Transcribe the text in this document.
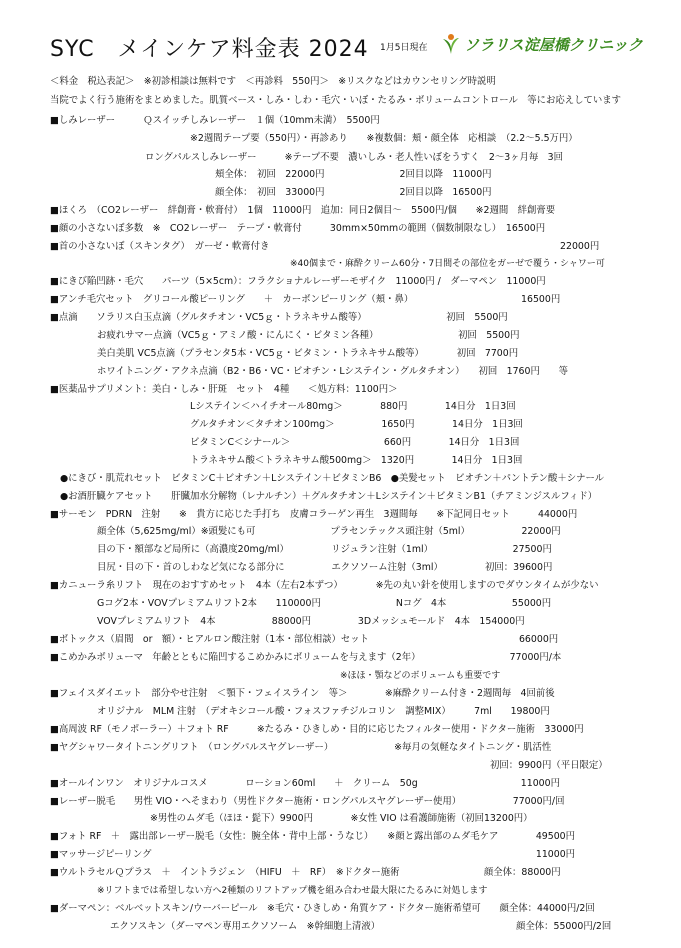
SYC　メインケア料金表 2024 1月5日現在 ソラリス淀屋橋クリニック
＜料金　税込表記＞　※初診相談は無料です　＜再診料　550円＞　※リスクなどはカウンセリング時説明
当院でよく行う施術をまとめました。肌質ベース・しみ・しわ・毛穴・いぼ・たるみ・ボリュームコントロール　等にお応えしています
■しみレーザー　　　Ｑスイッチしみレーザー　１個（10mm未満）　5500円
※2週間テープ要（550円）・再診あり　　※複数個：頬・顔全体　応相談　（2.2～5.5万円）
ロングパルスしみレーザー　　　※テープ不要　濃いしみ・老人性いぼをうすく　2～3ヶ月毎　3回
頬全体：　初回　22000円　　　　　　　　2回目以降　11000円
顔全体：　初回　33000円　　　　　　　　2回目以降　16500円
■ほくろ　（CO2レーザー　絆創膏・軟膏付）　1個　11000円　追加：同日2個目～　5500円/個　　※2週間　絆創膏要
■顔の小さないぼ多数　※　CO2レーザー　テープ・軟膏付　　　30mm×50mmの範囲（個数制限なし）　16500円
■首の小さないぼ（スキンタグ）　ガーゼ・軟膏付き　　　　　　　　　　　　　　　　　　　　　　　　　　　　　　　22000円
※40個まで・麻酔クリーム60分・7日間その部位をガーゼで覆う・シャワー可
■にきび陥凹跡・毛穴　　パーツ（5×5cm）：フラクショナルレーザーモザイク　11000円 /　ダーマペン　11000円
■アンチ毛穴セット　グリコール酸ピーリング　　＋　カーボンピーリング（頬・鼻）　　　　　　　　　　　　16500円
■点滴　　ソラリス白玉点滴（グルタチオン・VC5ｇ・トラネキサム酸等）　　　　　　　　　初回　5500円
お疲れサマー点滴（VC5ｇ・アミノ酸・にんにく・ビタミン各種）　　　　　　　　　初回　5500円
美白美肌 VC5点滴（プラセンタ5本・VC5ｇ・ビタミン・トラネキサム酸等）　　　　初回　7700円
ホワイトニング・アクネ点滴（B2・B6・VC・ビオチン・Lシステイン・グルタチオン）　　初回　1760円　　等
■医薬品サプリメント：美白・しみ・肝斑　セット　4種　　＜処方料：1100円＞
Lシステイン＜ハイチオール80mg＞　　　　880円　　　　14日分　1日3回
グルタチオン＜タチオン100mg＞　　　　　1650円　　　　14日分　1日3回
ビタミンC＜シナール＞　　　　　　　　　　660円　　　　14日分　1日3回
トラネキサム酸＜トラネキサム酸500mg＞　1320円　　　　14日分　1日3回
●にきび・肌荒れセット　ビタミンC＋ビオチン＋Lシステイン＋ビタミンB6　●美髪セット　ビオチン＋パントテン酸＋シナール
●お酒肝臓ケアセット　　肝臓加水分解物（レナルチン）＋グルタチオン＋Lシステイン＋ビタミンB1（チアミンジスルフィド）
■サーモン　PDRN　注射　　※　貴方に応じた手打ち　皮膚コラーゲン再生　3週間毎　　※下記同日セット　　　44000円
顔全体（5,625mg/ml）※頭髪にも可　　　　　　　　プラセンテックス頭注射（5ml）　　　　　　22000円
目の下・額部など局所に（高濃度20mg/ml）　　　　　リジュラン注射（1ml）　　　　　　　　　27500円
目尻・目の下・首のしわなど気になる部分に　　　　　エクソソーム注射（3ml）　　　　　初回：39600円
■カニューラ糸リフト　現在のおすすめセット　4本（左右2本ずつ）　　　　※先の丸い針を使用しますのでダウンタイムが少ない
Gコグ2本・VOVプレミアムリフト2本　　110000円　　　　　　　　Nコグ　4本　　　　　　　55000円
VOVプレミアムリフト　4本　　　　　　88000円　　　　　3Dメッシュモールド　4本　154000円
■ボトックス（眉間　or　額）・ヒアルロン酸注射（1本・部位相談）セット　　　　　　　　　　　　　　　　66000円
■こめかみボリューマ　年齢とともに陥凹するこめかみにボリュームを与えます（2年）　　　　　　　　　　77000円/本
※ほほ・顎などのボリュームも重要です
■フェイスダイエット　部分やせ注射　＜顎下・フェイスライン　等＞　　　　※麻酔クリーム付き・2週間毎　4回前後
オリジナル　MLM 注射　（デオキシコール酸・フォスファチジルコリン　調整MIX）　　　7ml　　19800円
■高周波 RF（モノポーラー）＋フォト RF　　　※たるみ・ひきしめ・目的に応じたフィルター使用・ドクター施術　33000円
■ヤグシャワータイトニングリフト　（ロングパルスヤグレーザー）　　　　　　　※毎月の気軽なタイトニング・肌活性
初回：9900円（平日限定）
■オールインワン　オリジナルコスメ　　　　ローション60ml　　＋　クリーム　50g　　　　　　　　　　　11000円
■レーザー脱毛　　男性 VIO・へそまわり（男性ドクター施術・ロングパルスヤグレーザー使用）　　　　　　77000円/回
※男性のムダ毛（ほほ・髭下）9900円　　　　※女性 VIO は看護師施術（初回13200円）
■フォト RF　＋　露出部レーザー脱毛（女性：腕全体・背中上部・うなじ）　　※顔と露出部のムダ毛ケア　　　　49500円
■マッサージピーリング　　　　　　　　　　　　　　　　　　　　　　　　　　　　　　　　　　　　　　　　　11000円
■ウルトラセルＱプラス　＋　イントラジェン　（HIFU　＋　RF）　※ドクター施術　　　　　　　　　顔全体：88000円
※リフトまでは希望しない方へ2種類のリフトアップ機を組み合わせ最大限にたるみに対処します
■ダーマペン：ベルベットスキン/ウーバーピール　※毛穴・ひきしめ・角質ケア・ドクター施術希望可　　顔全体：44000円/2回
エクソスキン（ダーマペン専用エクソソーム　※幹細胞上清液）　　　　　　　　　　　　　　　顔全体：55000円/2回
